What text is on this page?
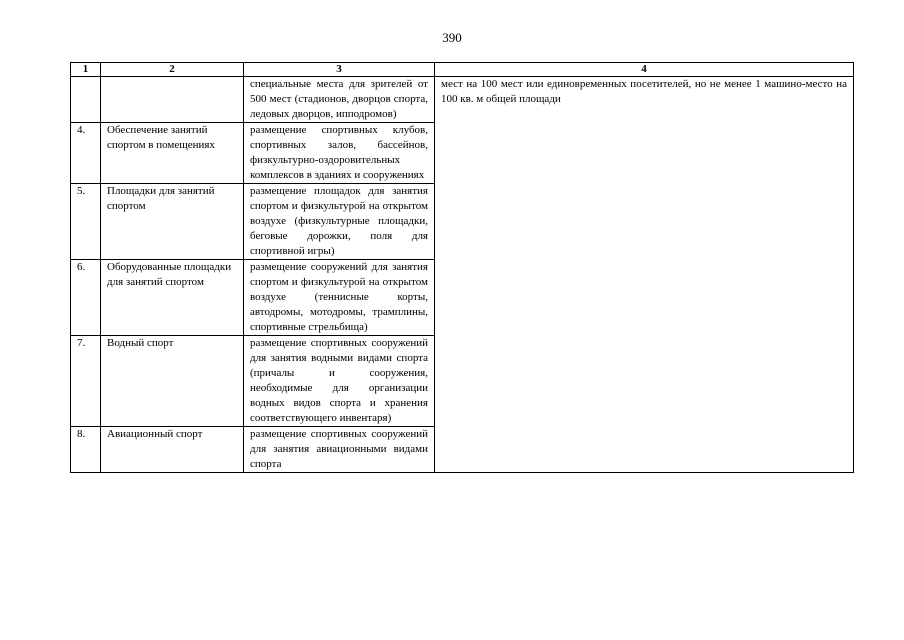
390
1	2	3	4
		специальные места для зрителей от 500 мест (стадионов, дворцов спорта, ледовых дворцов, ипподромов)	мест на 100 мест или единовременных посетителей, но не менее 1 машино-место на 100 кв. м общей площади
4.	Обеспечение занятий спортом в помещениях	размещение спортивных клубов, спортивных залов, бассейнов, физкультурно-оздоровительных комплексов в зданиях и сооружениях	
5.	Площадки для занятий спортом	размещение площадок для занятия спортом и физкультурой на открытом воздухе (физкультурные площадки, беговые дорожки, поля для спортивной игры)	
6.	Оборудованные площадки для занятий спортом	размещение сооружений для занятия спортом и физкультурой на открытом воздухе (теннисные корты, автодромы, мотодромы, трамплины, спортивные стрельбища)	
7.	Водный спорт	размещение спортивных сооружений для занятия водными видами спорта (причалы и сооружения, необходимые для организации водных видов спорта и хранения соответствующего инвентаря)	
8.	Авиационный спорт	размещение спортивных сооружений для занятия авиационными видами спорта	
